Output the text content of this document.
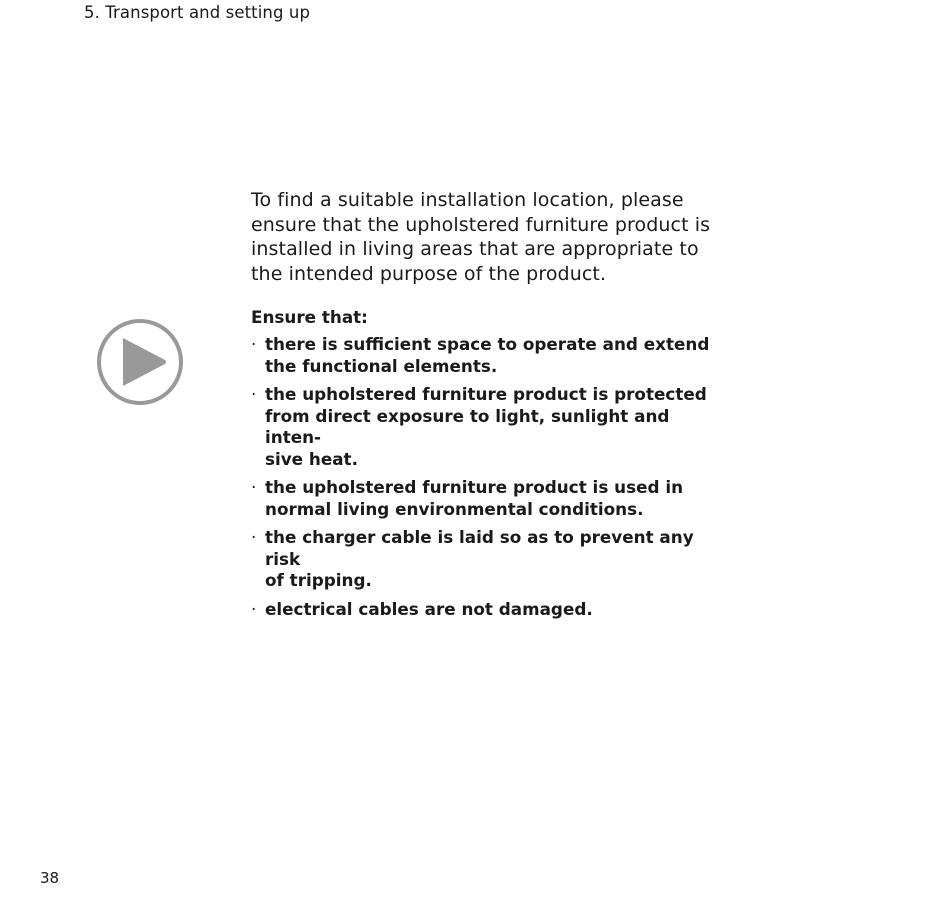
5. Transport and setting up

To find a suitable installation location, please
ensure that the upholstered furniture product is
installed in living areas that are appropriate to
the intended purpose of the product.

Ensure that:

· there is sufficient space to operate and extend
the functional elements.
· the upholstered furniture product is protected
from direct exposure to light, sunlight and inten-
sive heat.
· the upholstered furniture product is used in
normal living environmental conditions.
· the charger cable is laid so as to prevent any risk
of tripping.
· electrical cables are not damaged.
38
